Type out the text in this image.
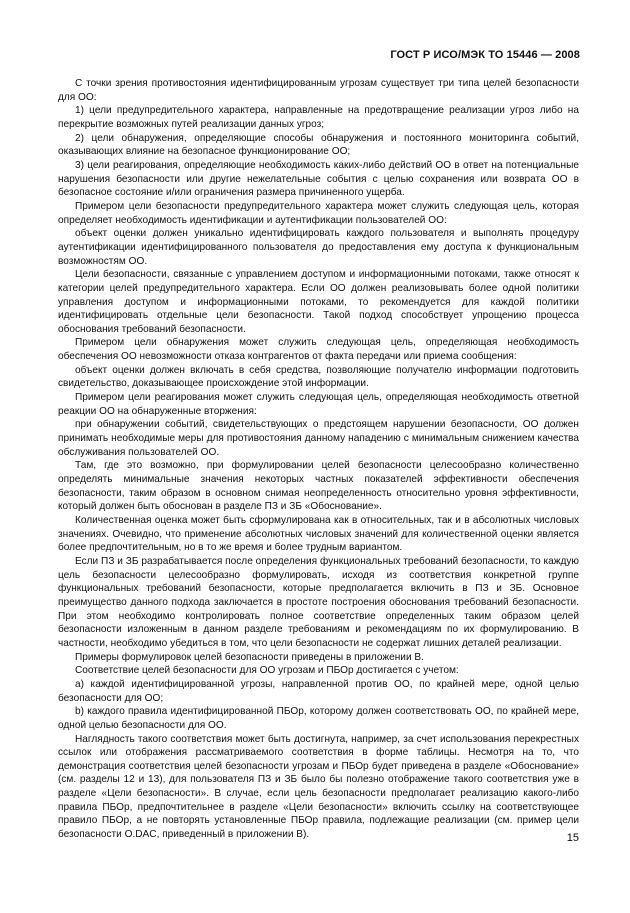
ГОСТ Р ИСО/МЭК ТО 15446 — 2008

С точки зрения противостояния идентифицированным угрозам существует три типа целей безопасности для ОО:

1) цели предупредительного характера, направленные на предотвращение реализации угроз либо на перекрытие возможных путей реализации данных угроз;

2) цели обнаружения, определяющие способы обнаружения и постоянного мониторинга событий, оказывающих влияние на безопасное функционирование ОО;

3) цели реагирования, определяющие необходимость каких-либо действий ОО в ответ на потенциальные нарушения безопасности или другие нежелательные события с целью сохранения или возврата ОО в безопасное состояние и/или ограничения размера причиненного ущерба.

Примером цели безопасности предупредительного характера может служить следующая цель, которая определяет необходимость идентификации и аутентификации пользователей ОО:

объект оценки должен уникально идентифицировать каждого пользователя и выполнять процедуру аутентификации идентифицированного пользователя до предоставления ему доступа к функциональным возможностям ОО.

Цели безопасности, связанные с управлением доступом и информационными потоками, также относят к категории целей предупредительного характера. Если ОО должен реализовывать более одной политики управления доступом и информационными потоками, то рекомендуется для каждой политики идентифицировать отдельные цели безопасности. Такой подход способствует упрощению процесса обоснования требований безопасности.

Примером цели обнаружения может служить следующая цель, определяющая необходимость обеспечения ОО невозможности отказа контрагентов от факта передачи или приема сообщения:

объект оценки должен включать в себя средства, позволяющие получателю информации подготовить свидетельство, доказывающее происхождение этой информации.

Примером цели реагирования может служить следующая цель, определяющая необходимость ответной реакции ОО на обнаруженные вторжения:

при обнаружении событий, свидетельствующих о предстоящем нарушении безопасности, ОО должен принимать необходимые меры для противостояния данному нападению с минимальным снижением качества обслуживания пользователей ОО.

Там, где это возможно, при формулировании целей безопасности целесообразно количественно определять минимальные значения некоторых частных показателей эффективности обеспечения безопасности, таким образом в основном снимая неопределенность относительно уровня эффективности, который должен быть обоснован в разделе ПЗ и ЗБ «Обоснование».

Количественная оценка может быть сформулирована как в относительных, так и в абсолютных числовых значениях. Очевидно, что применение абсолютных числовых значений для количественной оценки является более предпочтительным, но в то же время и более трудным вариантом.

Если ПЗ и ЗБ разрабатывается после определения функциональных требований безопасности, то каждую цель безопасности целесообразно формулировать, исходя из соответствия конкретной группе функциональных требований безопасности, которые предполагается включить в ПЗ и ЗБ. Основное преимущество данного подхода заключается в простоте построения обоснования требований безопасности. При этом необходимо контролировать полное соответствие определенных таким образом целей безопасности изложенным в данном разделе требованиям и рекомендациям по их формулированию. В частности, необходимо убедиться в том, что цели безопасности не содержат лишних деталей реализации.

Примеры формулировок целей безопасности приведены в приложении В.

Соответствие целей безопасности для ОО угрозам и ПБОр достигается с учетом:

a) каждой идентифицированной угрозы, направленной против ОО, по крайней мере, одной целью безопасности для ОО;

b) каждого правила идентифицированной ПБОр, которому должен соответствовать ОО, по крайней мере, одной целью безопасности для ОО.

Наглядность такого соответствия может быть достигнута, например, за счет использования перекрестных ссылок или отображения рассматриваемого соответствия в форме таблицы. Несмотря на то, что демонстрация соответствия целей безопасности угрозам и ПБОр будет приведена в разделе «Обоснование» (см. разделы 12 и 13), для пользователя ПЗ и ЗБ было бы полезно отображение такого соответствия уже в разделе «Цели безопасности». В случае, если цель безопасности предполагает реализацию какого-либо правила ПБОр, предпочтительнее в разделе «Цели безопасности» включить ссылку на соответствующее правило ПБОр, а не повторять установленные ПБОр правила, подлежащие реализации (см. пример цели безопасности O.DAC, приведенный в приложении В).	15
